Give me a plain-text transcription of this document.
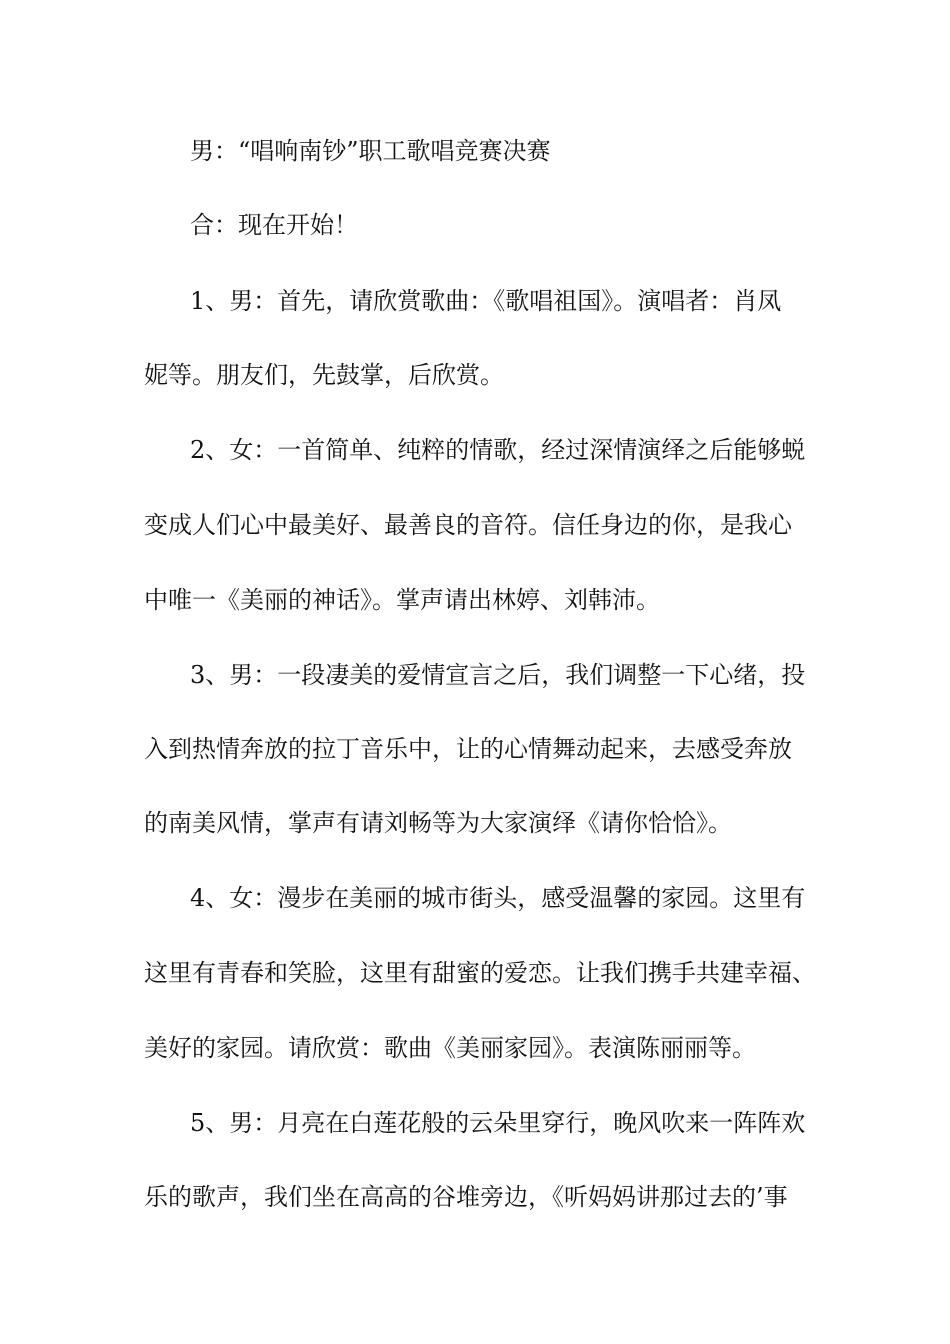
男：“唱响南钞”职工歌唱竞赛决赛
合：现在开始！
1、男：首先，请欣赏歌曲：《歌唱祖国》。演唱者：肖凤
妮等。朋友们，先鼓掌，后欣赏。
2、女：一首简单、纯粹的情歌，经过深情演绎之后能够蜕
变成人们心中最美好、最善良的音符。信任身边的你，是我心
中唯一《美丽的神话》。掌声请出林婷、刘韩沛。
3、男：一段凄美的爱情宣言之后，我们调整一下心绪，投
入到热情奔放的拉丁音乐中，让的心情舞动起来，去感受奔放
的南美风情，掌声有请刘畅等为大家演绎《请你恰恰》。
4、女：漫步在美丽的城市街头，感受温馨的家园。这里有
这里有青春和笑脸，这里有甜蜜的爱恋。让我们携手共建幸福、
美好的家园。请欣赏：歌曲《美丽家园》。表演陈丽丽等。
5、男：月亮在白莲花般的云朵里穿行，晚风吹来一阵阵欢
乐的歌声，我们坐在高高的谷堆旁边，《听妈妈讲那过去的’事
